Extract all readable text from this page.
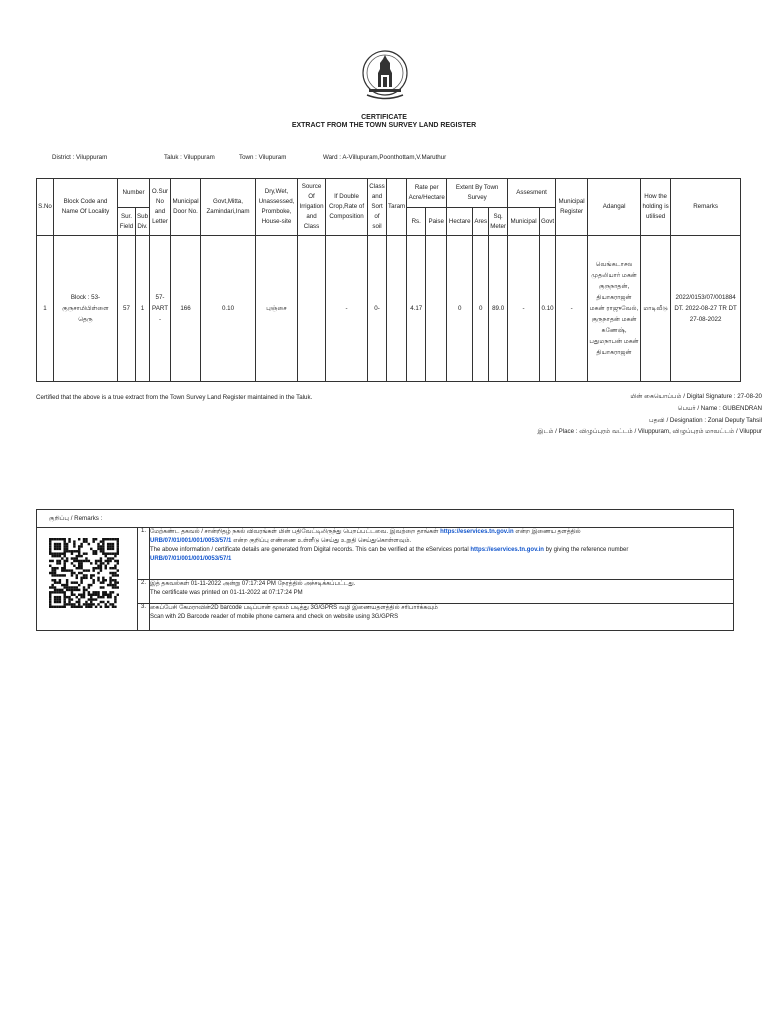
CERTIFICATE
EXTRACT FROM THE TOWN SURVEY LAND REGISTER
District : Viluppuram	Taluk : Viluppuram	Town : Vilupuram	Ward : A-Villupuram,Poonthottam,V.Maruthur
S.No	Block Code and Name Of Locality	Number		O.Sur No and Letter	Municipal Door No.	Govt,Mitta, Zamindari,Inam	Dry,Wet, Unassessed, Promboke, House-site	Source Of Irrigation and Class	If Double Crop,Rate of Composition	Class and Sort of soil	Taram	Rate per Acre/Hectare		Extent By Town Survey			Assesment		Municipal Register	Adangal	How the holding is utilised	Remarks
		Sur. Field	Sub Div.									Rs.	Paise	Hectare	Ares	Sq. Meter	Municipal	Govt				
1	Block : 53-குருசாமிபிள்ளை தெரு	57	1	57-PART -	166	0.10	புஞ்சை		-	0-		4.17		0	0	89.0	-	0.10	-	வெங்கடாசல முதலியார் மகன் குருநாதன், தியாகராஜன் மகன் ராஜுவேல், குருநாதன் மகன் கணேஷ், பதுமநாபன் மகன் தியாகராஜன்	மாடிவீடு	2022/0153/07/001884 DT. 2022-08-27 TR DT 27-08-2022
Certified that the above is a true extract from the Town Survey Land Register maintained in the Taluk.	மின் கையொப்பம் / Digital Signature : 27-08-20
பெயர் / Name : GUBENDRAN
பதவி / Designation : Zonal Deputy Tahsil
இடம் / Place : விழுப்புரம் வட்டம் / Viluppuram, விழுப்புரம் மாவட்டம் / Viluppur
குறிப்பு / Remarks :
1. மேற்கண்ட தகவல் / சான்றிதழ் நகல் விவரங்கள் மின் பதிவேட்டிலிருந்து பெறப்பட்டவை. இவற்றை தாங்கள் https://eservices.tn.gov.in என்ற இணைய தளத்தில்
URB/07/01/001/001/0053/57/1 என்ற குறிப்பு எண்ணை உள்ளீடு செய்து உறுதி செய்துகொள்ளவும்.
The above information / certificate details are generated from Digital records. This can be verified at the eServices portal https://eservices.tn.gov.in by giving the reference number
URB/07/01/001/001/0053/57/1
2. இத் தகவல்கள் 01-11-2022 அன்று 07:17:24 PM நேரத்தில் அச்சடிக்கப்பட்டது.
The certificate was printed on 01-11-2022 at 07:17:24 PM
3. கைப்பேசி கேமராவின்2D barcode படிப்பான் மூலம் படித்து 3G/GPRS வழி இணையதளத்தில் சரிபார்க்கவும்
Scan with 2D Barcode reader of mobile phone camera and check on website using 3G/GPRS
